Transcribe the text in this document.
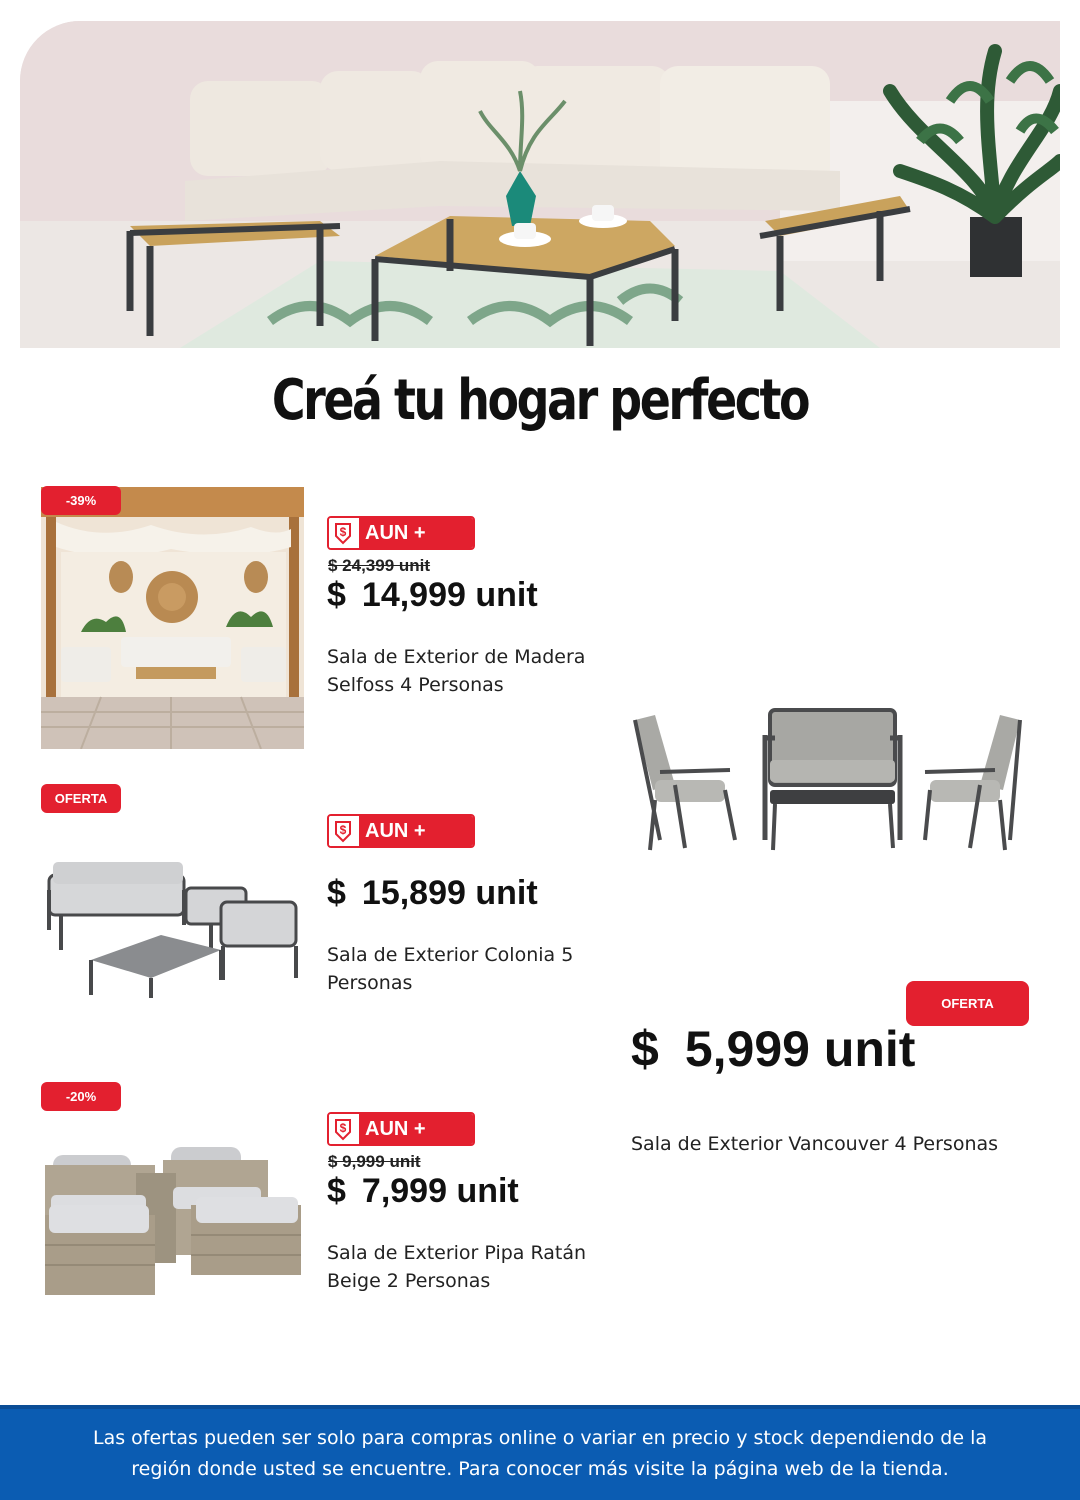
Creá tu hogar perfecto
-39%
$ AUN +
$ 24,399 unit
$ 14,999 unit
Sala de Exterior de Madera Selfoss 4 Personas
OFERTA
$ AUN +
$ 15,899 unit
Sala de Exterior Colonia 5 Personas
-20%
$ AUN +
$ 9,999 unit
$ 7,999 unit
Sala de Exterior Pipa Ratán Beige 2 Personas
OFERTA
$ 5,999 unit
Sala de Exterior Vancouver 4 Personas

Las ofertas pueden ser solo para compras online o variar en precio y stock dependiendo de la región donde usted se encuentre. Para conocer más visite la página web de la tienda.
